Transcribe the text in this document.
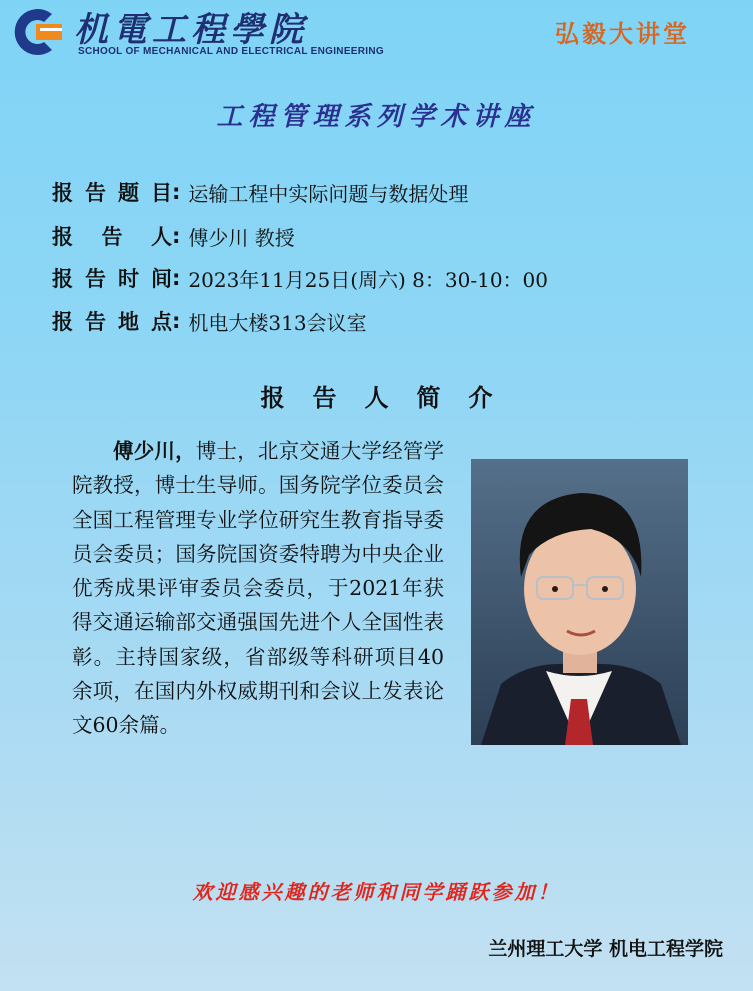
机電工程學院
SCHOOL OF MECHANICAL AND ELECTRICAL ENGINEERING
弘毅大讲堂
工程管理系列学术讲座
报告题目 : 运输工程中实际问题与数据处理
报告人 : 傅少川 教授
报告时间 : 2023年11月25日(周六) 8：30-10：00
报告地点 : 机电大楼313会议室
报告人简介
傅少川，博士，北京交通大学经管学院教授，博士生导师。国务院学位委员会全国工程管理专业学位研究生教育指导委员会委员；国务院国资委特聘为中央企业优秀成果评审委员会委员，于2021年获得交通运输部交通强国先进个人全国性表彰。主持国家级，省部级等科研项目40余项，在国内外权威期刊和会议上发表论文60余篇。
欢迎感兴趣的老师和同学踊跃参加！
兰州理工大学 机电工程学院
